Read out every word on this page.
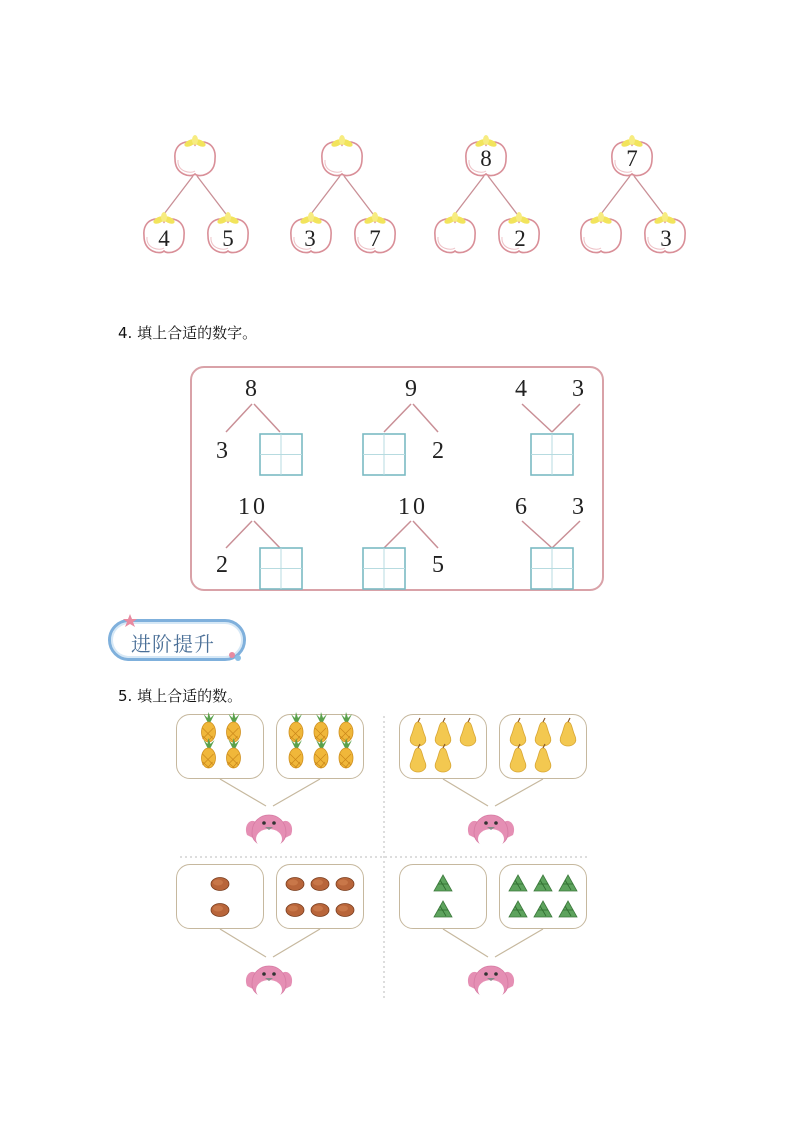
4	5	3	7
8
2
7
3
4. 填上合适的数字。
8
3
9
2
4 3
10
2
10
5
6 3
进阶提升
5. 填上合适的数。
